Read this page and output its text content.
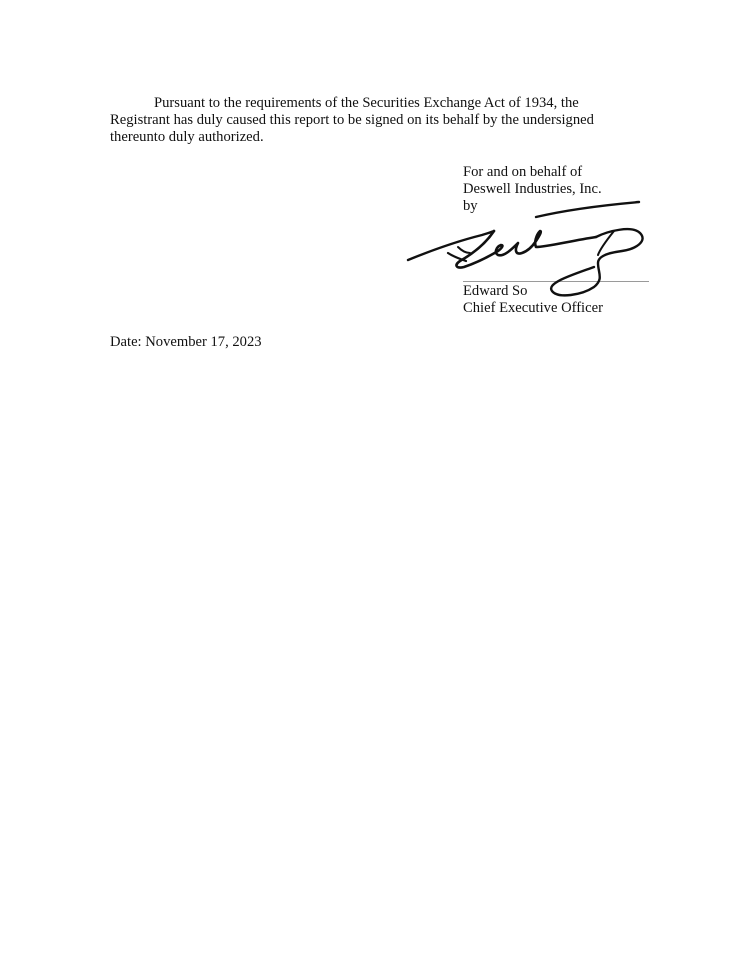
Pursuant to the requirements of the Securities Exchange Act of 1934, the Registrant has duly caused this report to be signed on its behalf by the undersigned thereunto duly authorized.

For and on behalf of
Deswell Industries, Inc.
by
Edward So
Chief Executive Officer
Date: November 17, 2023
